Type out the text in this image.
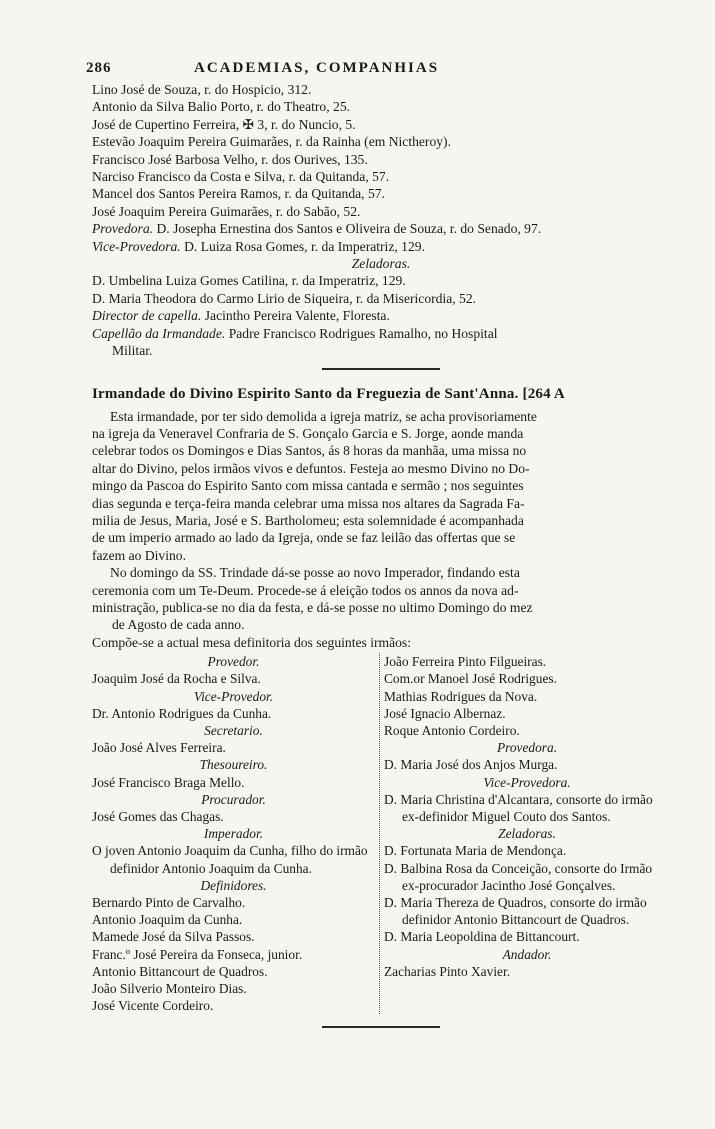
286	ACADEMIAS, COMPANHIAS
Lino José de Souza, r. do Hospicio, 312.
Antonio da Silva Balio Porto, r. do Theatro, 25.
José de Cupertino Ferreira, ✠ 3, r. do Nuncio, 5.
Estevão Joaquim Pereira Guimarães, r. da Rainha (em Nictheroy).
Francisco José Barbosa Velho, r. dos Ourives, 135.
Narciso Francisco da Costa e Silva, r. da Quitanda, 57.
Mancel dos Santos Pereira Ramos, r. da Quitanda, 57.
José Joaquim Pereira Guimarães, r. do Sabão, 52.
Provedora. D. Josepha Ernestina dos Santos e Oliveira de Souza, r. do Senado, 97.
Vice-Provedora. D. Luiza Rosa Gomes, r. da Imperatriz, 129.
Zeladoras.
D. Umbelina Luiza Gomes Catilina, r. da Imperatriz, 129.
D. Maria Theodora do Carmo Lirio de Siqueira, r. da Misericordia, 52.
Director de capella. Jacintho Pereira Valente, Floresta.
Capellão da Irmandade. Padre Francisco Rodrigues Ramalho, no Hospital
Militar.
Irmandade do Divino Espirito Santo da Freguezia de Sant'Anna. [264 A
Esta irmandade, por ter sido demolida a igreja matriz, se acha provisoriamente
na igreja da Veneravel Confraria de S. Gonçalo Garcia e S. Jorge, aonde manda
celebrar todos os Domingos e Dias Santos, ás 8 horas da manhãa, uma missa no
altar do Divino, pelos irmãos vivos e defuntos. Festeja ao mesmo Divino no Do-
mingo da Pascoa do Espirito Santo com missa cantada e sermão ; nos seguintes
dias segunda e terça-feira manda celebrar uma missa nos altares da Sagrada Fa-
milia de Jesus, Maria, José e S. Bartholomeu; esta solemnidade é acompanhada
de um imperio armado ao lado da Igreja, onde se faz leilão das offertas que se
fazem ao Divino.
No domingo da SS. Trindade dá-se posse ao novo Imperador, findando esta
ceremonia com um Te-Deum. Procede-se á eleição todos os annos da nova ad-
ministração, publica-se no dia da festa, e dá-se posse no ultimo Domingo do mez
de Agosto de cada anno.
Compõe-se a actual mesa definitoria dos seguintes irmãos:
Provedor.
Joaquim José da Rocha e Silva.
Vice-Provedor.
Dr. Antonio Rodrigues da Cunha.
Secretario.
João José Alves Ferreira.
Thesoureiro.
José Francisco Braga Mello.
Procurador.
José Gomes das Chagas.
Imperador.
O joven Antonio Joaquim da Cunha, filho do irmão definidor Antonio Joaquim da Cunha.
Definidores.
Bernardo Pinto de Carvalho.
Antonio Joaquim da Cunha.
Mamede José da Silva Passos.
Franc.º José Pereira da Fonseca, junior.
Antonio Bittancourt de Quadros.
João Silverio Monteiro Dias.
José Vicente Cordeiro.
João Ferreira Pinto Filgueiras.
Com.or Manoel José Rodrigues.
Mathias Rodrigues da Nova.
José Ignacio Albernaz.
Roque Antonio Cordeiro.
Provedora.
D. Maria José dos Anjos Murga.
Vice-Provedora.
D. Maria Christina d'Alcantara, consorte do irmão ex-definidor Miguel Couto dos Santos.
Zeladoras.
D. Fortunata Maria de Mendonça.
D. Balbina Rosa da Conceição, consorte do Irmão ex-procurador Jacintho José Gonçalves.
D. Maria Thereza de Quadros, consorte do irmão definidor Antonio Bittancourt de Quadros.
D. Maria Leopoldina de Bittancourt.
Andador.
Zacharias Pinto Xavier.
